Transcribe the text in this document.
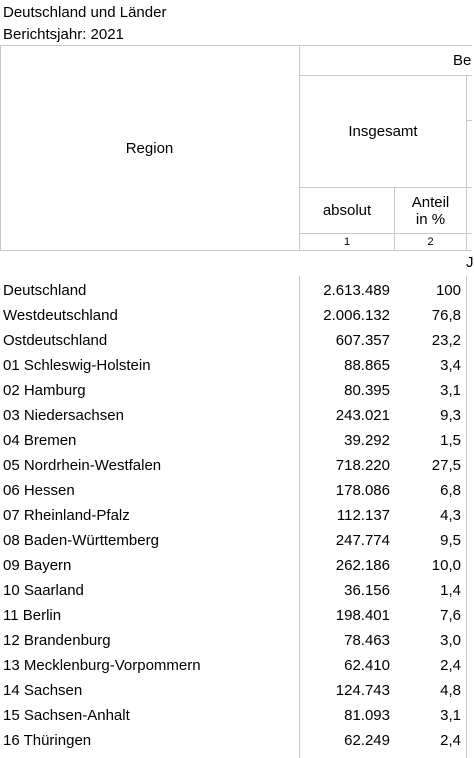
Deutschland und Länder
Berichtsjahr: 2021
Region
Be
Insgesamt
absolut	Anteil
in %
1	2
J
Deutschland	2.613.489	100
Westdeutschland	2.006.132	76,8
Ostdeutschland	607.357	23,2
01 Schleswig-Holstein	88.865	3,4
02 Hamburg	80.395	3,1
03 Niedersachsen	243.021	9,3
04 Bremen	39.292	1,5
05 Nordrhein-Westfalen	718.220	27,5
06 Hessen	178.086	6,8
07 Rheinland-Pfalz	112.137	4,3
08 Baden-Württemberg	247.774	9,5
09 Bayern	262.186	10,0
10 Saarland	36.156	1,4
11 Berlin	198.401	7,6
12 Brandenburg	78.463	3,0
13 Mecklenburg-Vorpommern	62.410	2,4
14 Sachsen	124.743	4,8
15 Sachsen-Anhalt	81.093	3,1
16 Thüringen	62.249	2,4
